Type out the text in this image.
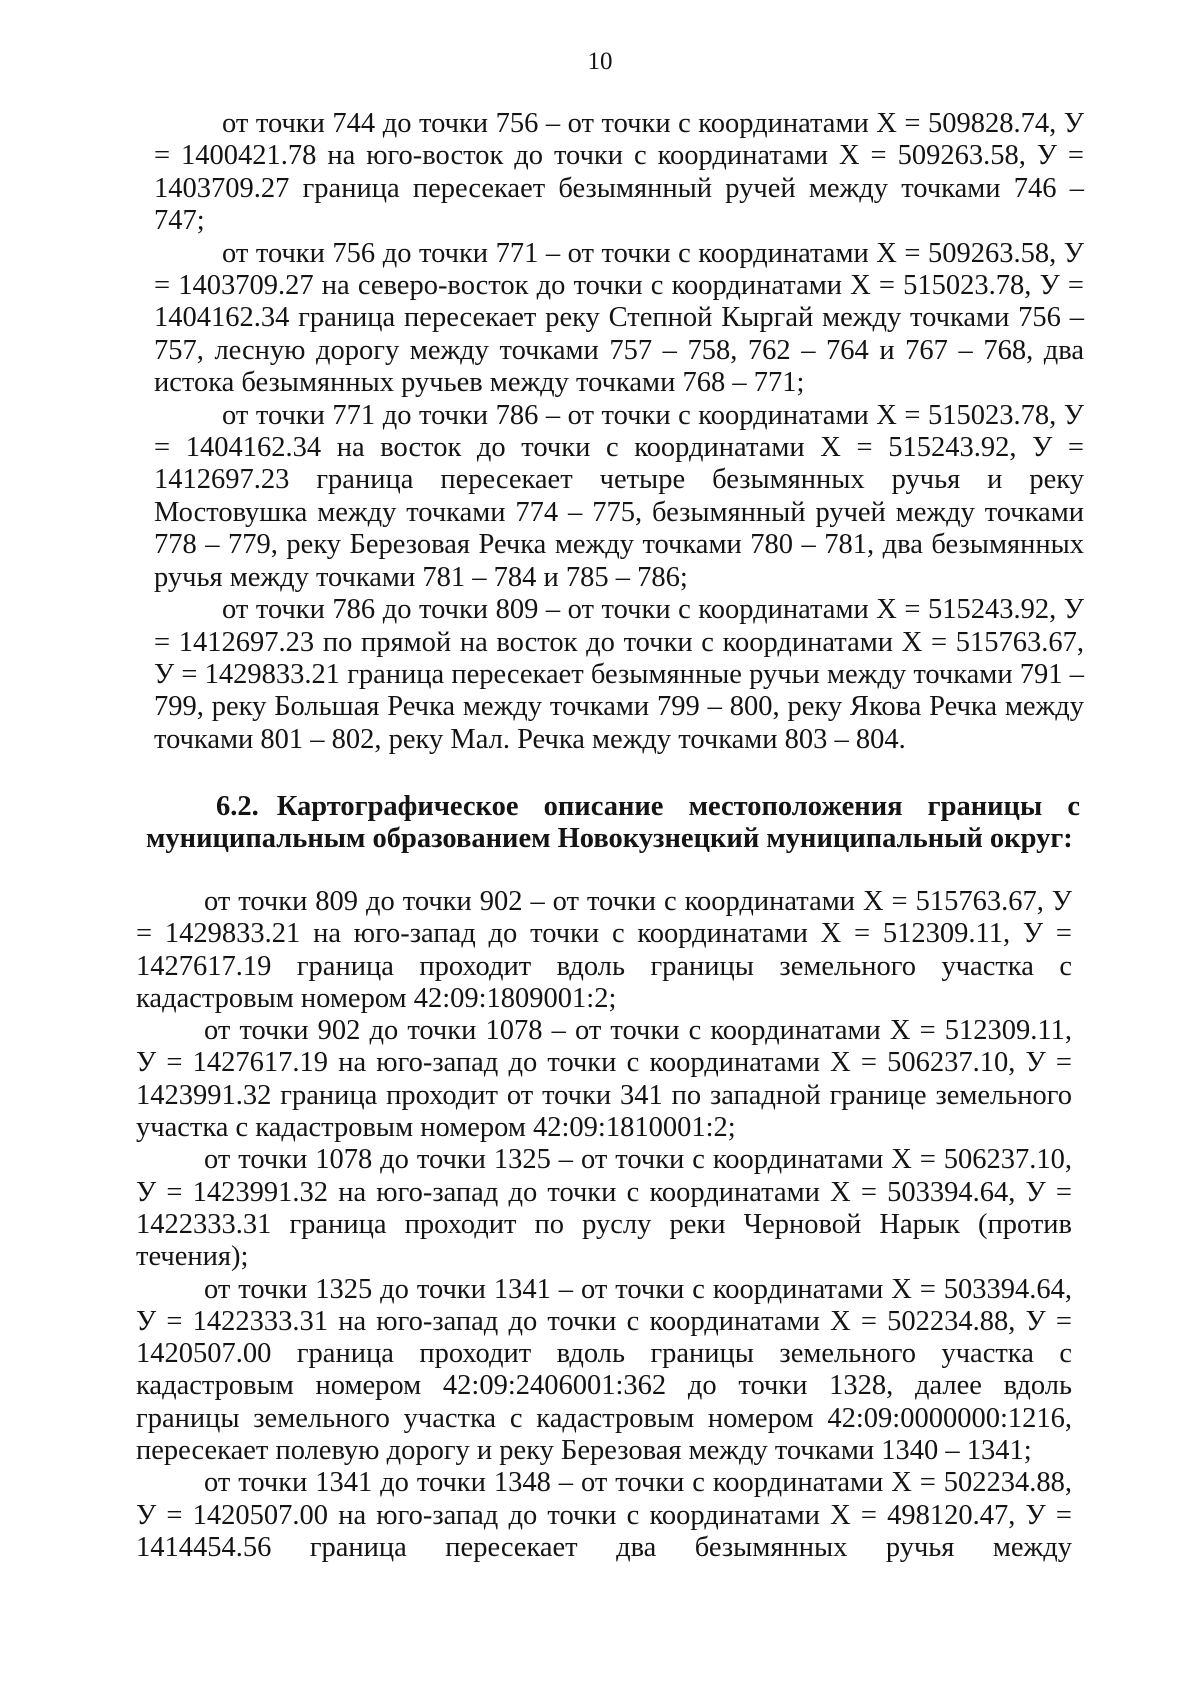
10

от точки 744 до точки 756 – от точки с координатами Х = 509828.74, У = 1400421.78 на юго-восток до точки с координатами Х = 509263.58, У = 1403709.27 граница пересекает безымянный ручей между точками 746 – 747;

от точки 756 до точки 771 – от точки с координатами Х = 509263.58, У = 1403709.27 на северо-восток до точки с координатами Х = 515023.78, У = 1404162.34 граница пересекает реку Степной Кыргай между точками 756 – 757, лесную дорогу между точками 757 – 758, 762 – 764 и 767 – 768, два истока безымянных ручьев между точками 768 – 771;

от точки 771 до точки 786 – от точки с координатами Х = 515023.78, У = 1404162.34 на восток до точки с координатами Х = 515243.92, У = 1412697.23 граница пересекает четыре безымянных ручья и реку Мостовушка между точками 774 – 775, безымянный ручей между точками 778 – 779, реку Березовая Речка между точками 780 – 781, два безымянных ручья между точками 781 – 784 и 785 – 786;

от точки 786 до точки 809 – от точки с координатами Х = 515243.92, У = 1412697.23 по прямой на восток до точки с координатами Х = 515763.67, У = 1429833.21 граница пересекает безымянные ручьи между точками 791 – 799, реку Большая Речка между точками 799 – 800, реку Якова Речка между точками 801 – 802, реку Мал. Речка между точками 803 – 804.

6.2. Картографическое описание местоположения границы с муниципальным образованием Новокузнецкий муниципальный округ:

от точки 809 до точки 902 – от точки с координатами Х = 515763.67, У = 1429833.21 на юго-запад до точки с координатами Х = 512309.11, У = 1427617.19 граница проходит вдоль границы земельного участка с кадастровым номером 42:09:1809001:2;

от точки 902 до точки 1078 – от точки с координатами Х = 512309.11, У = 1427617.19 на юго-запад до точки с координатами Х = 506237.10, У = 1423991.32 граница проходит от точки 341 по западной границе земельного участка с кадастровым номером 42:09:1810001:2;

от точки 1078 до точки 1325 – от точки с координатами Х = 506237.10, У = 1423991.32 на юго-запад до точки с координатами Х = 503394.64, У = 1422333.31 граница проходит по руслу реки Черновой Нарык (против течения);

от точки 1325 до точки 1341 – от точки с координатами Х = 503394.64, У = 1422333.31 на юго-запад до точки с координатами Х = 502234.88, У = 1420507.00 граница проходит вдоль границы земельного участка с кадастровым номером 42:09:2406001:362 до точки 1328, далее вдоль границы земельного участка с кадастровым номером 42:09:0000000:1216, пересекает полевую дорогу и реку Березовая между точками 1340 – 1341;

от точки 1341 до точки 1348 – от точки с координатами Х = 502234.88, У = 1420507.00 на юго-запад до точки с координатами Х = 498120.47, У = 1414454.56 граница пересекает два безымянных ручья между
